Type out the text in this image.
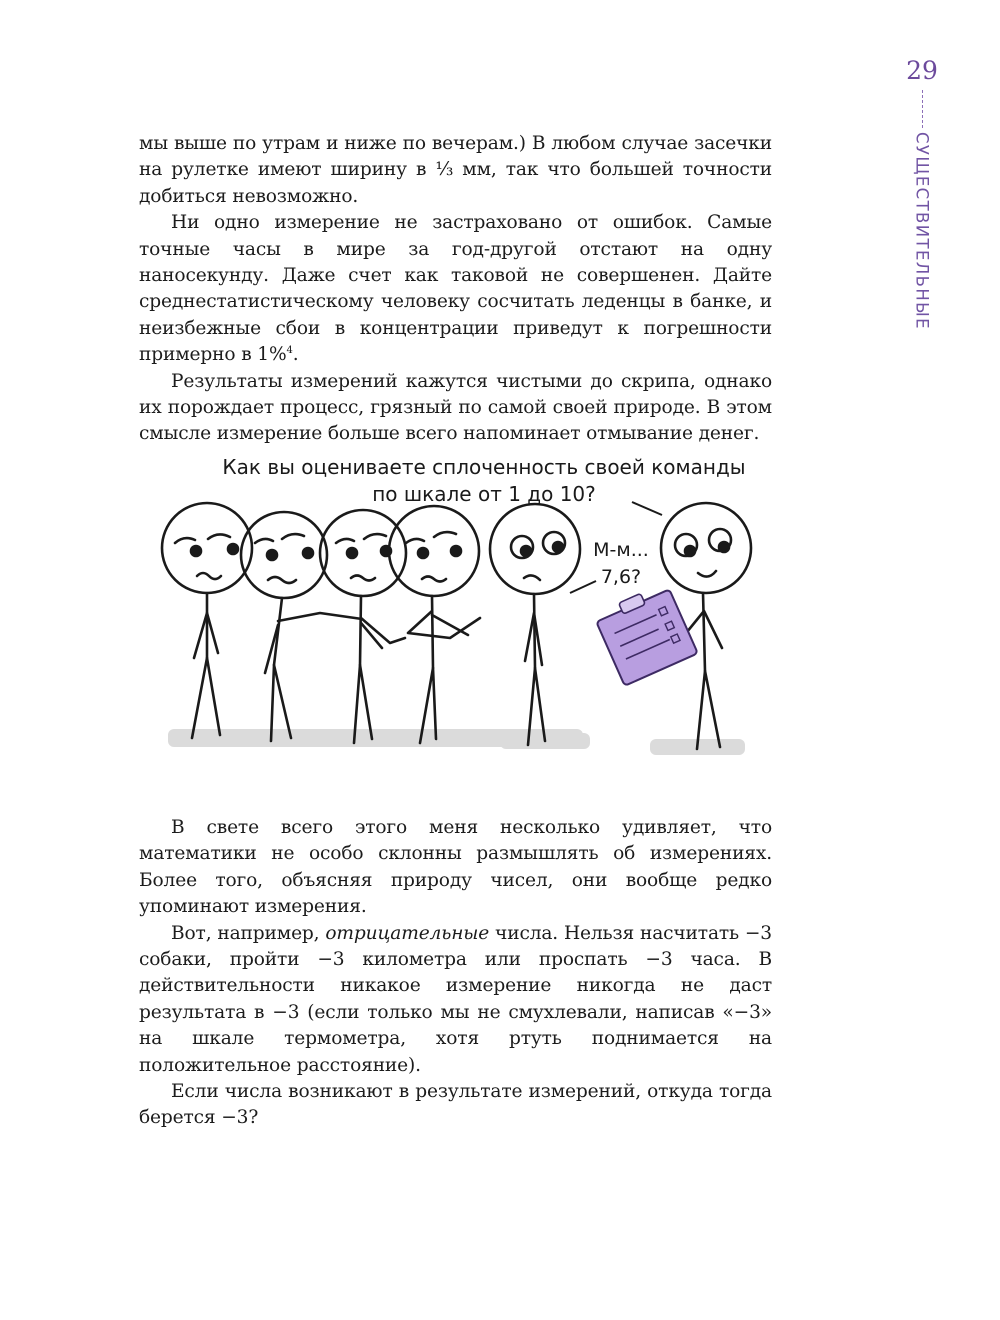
29
СУЩЕСТВИТЕЛЬНЫЕ

мы выше по утрам и ниже по вечерам.) В любом случае засечки на рулетке имеют ширину в ⅓ мм, так что большей точности добиться невозможно.

Ни одно измерение не застраховано от ошибок. Самые точные часы в мире за год-другой отстают на одну наносекунду. Даже счет как таковой не совершенен. Дайте среднестатистическому человеку сосчитать леденцы в банке, и неизбежные сбои в концентрации приведут к погрешности примерно в 1%$^4$.

Результаты измерений кажутся чистыми до скрипа, однако их порождает процесс, грязный по самой своей природе. В этом смысле измерение больше всего напоминает отмывание денег.

Как вы оцениваете сплоченность своей команды
по шкале от 1 до 10?
М-м...
7,6?

В свете всего этого меня несколько удивляет, что математики не особо склонны размышлять об измерениях. Более того, объясняя природу чисел, они вообще редко упоминают измерения.

Вот, например, отрицательные числа. Нельзя насчитать −3 собаки, пройти −3 километра или проспать −3 часа. В действительности никакое измерение никогда не даст результата в −3 (если только мы не смухлевали, написав «−3» на шкале термометра, хотя ртуть поднимается на положительное расстояние).

Если числа возникают в результате измерений, откуда тогда берется −3?
